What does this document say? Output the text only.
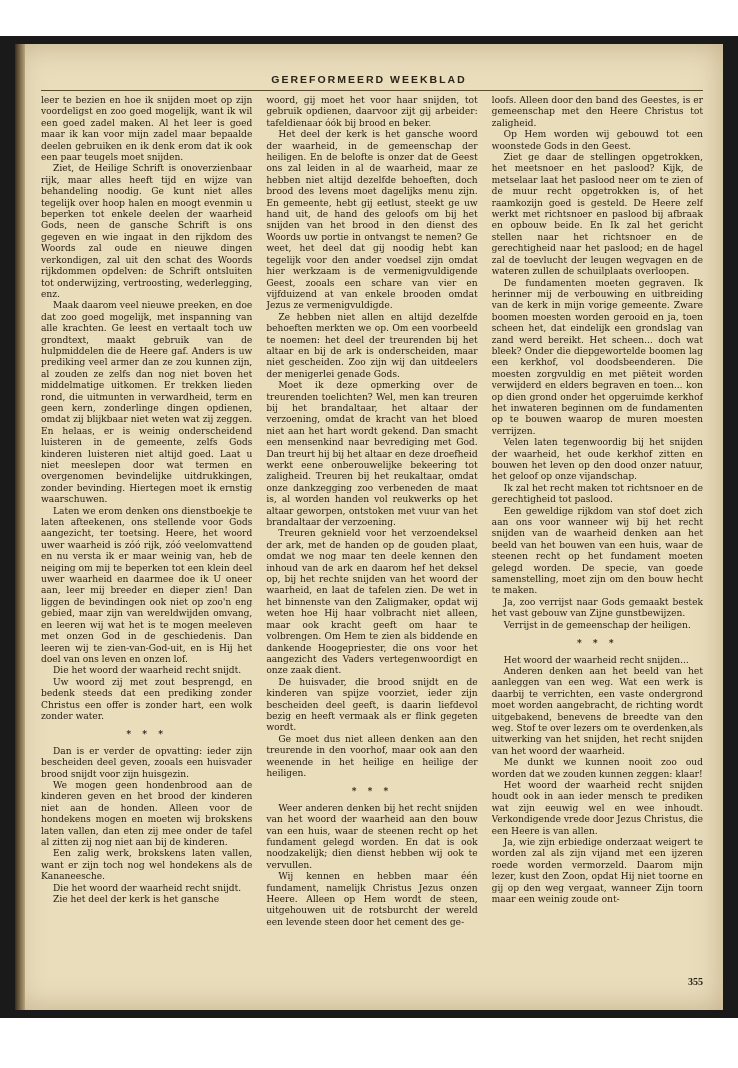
GEREFORMEERD WEEKBLAD

leer te bezien en hoe ik snijden moet op zijn voordeligst en zoo goed mogelijk, want ik wil een goed zadel maken. Al het leer is goed maar ik kan voor mijn zadel maar bepaalde deelen gebruiken en ik denk erom dat ik ook een paar teugels moet snijden.

Ziet, de Heilige Schrift is onoverzienbaar rijk, maar alles heeft tijd en wijze van behandeling noodig. Ge kunt niet alles tegelijk over hoop halen en moogt evenmin u beperken tot enkele deelen der waarheid Gods, neen de gansche Schrift is ons gegeven en wie ingaat in den rijkdom des Woords zal oude en nieuwe dingen verkondigen, zal uit den schat des Woords rijkdommen opdelven: de Schrift ontsluiten tot onderwijzing, vertroosting, wederlegging, enz.

Maak daarom veel nieuwe preeken, en doe dat zoo goed mogelijk, met inspanning van alle krachten. Ge leest en vertaalt toch uw grondtext, maakt gebruik van de hulpmiddelen die de Heere gaf. Anders is uw prediking veel armer dan ze zou kunnen zijn, al zouden ze zelfs dan nog niet boven het middelmatige uitkomen. Er trekken lieden rond, die uitmunten in verwardheid, term en geen kern, zonderlinge dingen opdienen, omdat zij blijkbaar niet weten wat zij zeggen. En helaas, er is weinig onderscheidend luisteren in de gemeente, zelfs Gods kinderen luisteren niet altijd goed. Laat u niet meeslepen door wat termen en overgenomen bevindelijke uitdrukkingen, zonder bevinding. Hiertegen moet ik ernstig waarschuwen.

Laten we erom denken ons dienstboekje te laten afteekenen, ons stellende voor Gods aangezicht, ter toetsing. Heere, het woord uwer waarheid is zóó rijk, zóó veelomvattend en nu versta ik er maar weinig van, heb de neiging om mij te beperken tot een klein deel uwer waarheid en daarmee doe ik U oneer aan, leer mij breeder en dieper zien! Dan liggen de bevindingen ook niet op zoo'n eng gebied, maar zijn van wereldwijden omvang, en leeren wij wat het is te mogen meeleven met onzen God in de geschiedenis. Dan leeren wij te zien-van-God-uit, en is Hij het doel van ons leven en onzen lof.

Die het woord der waarheid recht snijdt.

Uw woord zij met zout besprengd, en bedenk steeds dat een prediking zonder Christus een offer is zonder hart, een wolk zonder water.

* * *

Dan is er verder de opvatting: ieder zijn bescheiden deel geven, zooals een huisvader brood snijdt voor zijn huisgezin.

We mogen geen hondenbrood aan de kinderen geven en het brood der kinderen niet aan de honden. Alleen voor de hondekens mogen en moeten wij brokskens laten vallen, dan eten zij mee onder de tafel al zitten zij nog niet aan bij de kinderen.

Een zalig werk, brokskens laten vallen, want er zijn toch nog wel hondekens als de Kananeesche.

Die het woord der waarheid recht snijdt.

Zie het deel der kerk is het gansche

woord, gij moet het voor haar snijden, tot gebruik opdienen, daarvoor zijt gij arbeider: tafeldienaar óók bij brood en beker.

Het deel der kerk is het gansche woord der waarheid, in de gemeenschap der heiligen. En de belofte is onzer dat de Geest ons zal leiden in al de waarheid, maar ze hebben niet altijd dezelfde behoeften, doch brood des levens moet dagelijks menu zijn. En gemeente, hebt gij eetlust, steekt ge uw hand uit, de hand des geloofs om bij het snijden van het brood in den dienst des Woords uw portie in ontvangst te nemen? Ge weet, het deel dat gij noodig hebt kan tegelijk voor den ander voedsel zijn omdat hier werkzaam is de vermenigvuldigende Geest, zooals een schare van vier en vijfduizend at van enkele brooden omdat Jezus ze vermenigvuldigde.

Ze hebben niet allen en altijd dezelfde behoeften merkten we op. Om een voorbeeld te noemen: het deel der treurenden bij het altaar en bij de ark is onderscheiden, maar niet gescheiden. Zoo zijn wij dan uitdeelers der menigerlei genade Gods.

Moet ik deze opmerking over de treurenden toelichten? Wel, men kan treuren bij het brandaltaar, het altaar der verzoening, omdat de kracht van het bloed niet aan het hart wordt gekend. Dan smacht een mensenkind naar bevrediging met God. Dan treurt hij bij het altaar en deze droefheid werkt eene onberouwelijke bekeering tot zaligheid. Treuren bij het reukaltaar, omdat onze dankzegging zoo verbeneden de maat is, al worden handen vol reukwerks op het altaar geworpen, ontstoken met vuur van het brandaltaar der verzoening.

Treuren geknield voor het verzoendeksel der ark, met de handen op de gouden plaat, omdat we nog maar ten deele kennen den inhoud van de ark en daarom hef het deksel op, bij het rechte snijden van het woord der waarheid, en laat de tafelen zien. De wet in het binnenste van den Zaligmaker, opdat wij weten hoe Hij haar volbracht niet alleen, maar ook kracht geeft om haar te volbrengen. Om Hem te zien als biddende en dankende Hoogepriester, die ons voor het aangezicht des Vaders vertegenwoordigt en onze zaak dient.

De huisvader, die brood snijdt en de kinderen van spijze voorziet, ieder zijn bescheiden deel geeft, is daarin liefdevol bezig en heeft vermaak als er flink gegeten wordt.

Ge moet dus niet alleen denken aan den treurende in den voorhof, maar ook aan den weenende in het heilige en heilige der heiligen.

* * *

Weer anderen denken bij het recht snijden van het woord der waarheid aan den bouw van een huis, waar de steenen recht op het fundament gelegd worden. En dat is ook noodzakelijk; dien dienst hebben wij ook te vervullen.

Wij kennen en hebben maar één fundament, namelijk Christus Jezus onzen Heere. Alleen op Hem wordt de steen, uitgehouwen uit de rotsburcht der wereld een levende steen door het cement des ge-

loofs. Alleen door den band des Geestes, is er gemeenschap met den Heere Christus tot zaligheid.

Op Hem worden wij gebouwd tot een woonstede Gods in den Geest.

Ziet ge daar de stellingen opgetrokken, het meetsnoer en het paslood? Kijk, de metselaar laat het paslood neer om te zien of de muur recht opgetrokken is, of het raamkozijn goed is gesteld. De Heere zelf werkt met richtsnoer en paslood bij afbraak en opbouw beide. En Ik zal het gericht stellen naar het richtsnoer en de gerechtigheid naar het paslood; en de hagel zal de toevlucht der leugen wegvagen en de wateren zullen de schuilplaats overloopen.

De fundamenten moeten gegraven. Ik herinner mij de verbouwing en uitbreiding van de kerk in mijn vorige gemeente. Zware boomen moesten worden gerooid en ja, toen scheen het, dat eindelijk een grondslag van zand werd bereikt. Het scheen... doch wat bleek? Onder die diepgewortelde boomen lag een kerkhof, vol doodsbeenderen. Die moesten zorgvuldig en met piëteit worden verwijderd en elders begraven en toen... kon op dien grond onder het opgeruimde kerkhof het inwateren beginnen om de fundamenten op te bouwen waarop de muren moesten verrijzen.

Velen laten tegenwoordig bij het snijden der waarheid, het oude kerkhof zitten en bouwen het leven op den dood onzer natuur, het geloof op onze vijandschap.

Ik zal het recht maken tot richtsnoer en de gerechtigheid tot paslood.

Een geweldige rijkdom van stof doet zich aan ons voor wanneer wij bij het recht snijden van de waarheid denken aan het beeld van het bouwen van een huis, waar de steenen recht op het fundament moeten gelegd worden. De specie, van goede samenstelling, moet zijn om den bouw hecht te maken.

Ja, zoo verrijst naar Gods gemaakt bestek het vast gebouw van Zijne gunstbewijzen.

Verrijst in de gemeenschap der heiligen.

* * *

Het woord der waarheid recht snijden...

Anderen denken aan het beeld van het aanleggen van een weg. Wat een werk is daarbij te verrichten, een vaste ondergrond moet worden aangebracht, de richting wordt uitgebakend, benevens de breedte van den weg. Stof te over lezers om te overdenken,als uitwerking van het snijden, het recht snijden van het woord der waarheid.

Me dunkt we kunnen nooit zoo oud worden dat we zouden kunnen zeggen: klaar!

Het woord der waarheid recht snijden houdt ook in aan ieder mensch te prediken wat zijn eeuwig wel en wee inhoudt. Verkondigende vrede door Jezus Christus, die een Heere is van allen.

Ja, wie zijn erbiedige onderzaat weigert te worden zal als zijn vijand met een ijzeren roede worden vermorzeld. Daarom mijn lezer, kust den Zoon, opdat Hij niet toorne en gij op den weg vergaat, wanneer Zijn toorn maar een weinig zoude ont-

355
